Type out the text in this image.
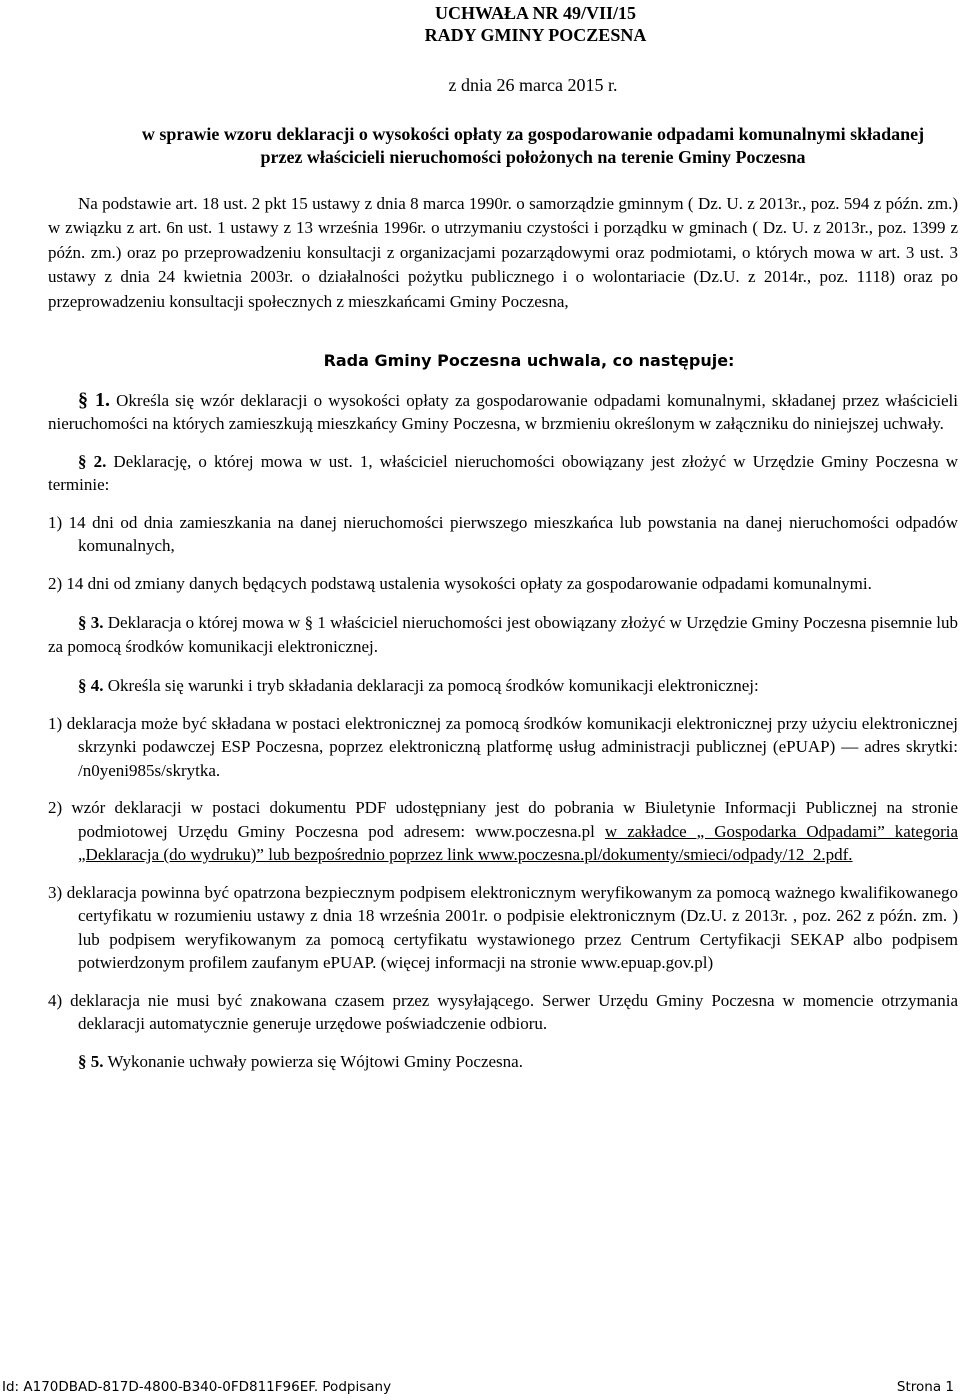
UCHWAŁA NR 49/VII/15
RADY GMINY POCZESNA
z dnia 26 marca 2015 r.
w sprawie wzoru deklaracji o wysokości opłaty za gospodarowanie odpadami komunalnymi składanej
przez właścicieli nieruchomości położonych na terenie Gminy Poczesna

Na podstawie art. 18 ust. 2 pkt 15 ustawy z dnia 8 marca 1990r. o samorządzie gminnym ( Dz. U. z 2013r., poz. 594 z późn. zm.) w związku z art. 6n ust. 1 ustawy z 13 września 1996r. o utrzymaniu czystości i porządku w gminach ( Dz. U. z 2013r., poz. 1399 z późn. zm.) oraz po przeprowadzeniu konsultacji z organizacjami pozarządowymi oraz podmiotami, o których mowa w art. 3 ust. 3 ustawy z dnia 24 kwietnia 2003r. o działalności pożytku publicznego i o wolontariacie (Dz.U. z 2014r., poz. 1118) oraz po przeprowadzeniu konsultacji społecznych z mieszkańcami Gminy Poczesna,

Rada Gminy Poczesna uchwala, co następuje:

§ 1. Określa się wzór deklaracji o wysokości opłaty za gospodarowanie odpadami komunalnymi, składanej przez właścicieli nieruchomości na których zamieszkują mieszkańcy Gminy Poczesna, w brzmieniu określonym w załączniku do niniejszej uchwały.

§ 2. Deklarację, o której mowa w ust. 1, właściciel nieruchomości obowiązany jest złożyć w Urzędzie Gminy Poczesna w terminie:

1) 14 dni od dnia zamieszkania na danej nieruchomości pierwszego mieszkańca lub powstania na danej nieruchomości odpadów komunalnych,
2) 14 dni od zmiany danych będących podstawą ustalenia wysokości opłaty za gospodarowanie odpadami komunalnymi.

§ 3. Deklaracja o której mowa w § 1 właściciel nieruchomości jest obowiązany złożyć w Urzędzie Gminy Poczesna pisemnie lub za pomocą środków komunikacji elektronicznej.

§ 4. Określa się warunki i tryb składania deklaracji za pomocą środków komunikacji elektronicznej:

1) deklaracja może być składana w postaci elektronicznej za pomocą środków komunikacji elektronicznej przy użyciu elektronicznej skrzynki podawczej ESP Poczesna, poprzez elektroniczną platformę usług administracji publicznej (ePUAP) — adres skrytki: /n0yeni985s/skrytka.
2) wzór deklaracji w postaci dokumentu PDF udostępniany jest do pobrania w Biuletynie Informacji Publicznej na stronie podmiotowej Urzędu Gminy Poczesna pod adresem: www.poczesna.pl w zakładce „ Gospodarka Odpadami” kategoria „Deklaracja (do wydruku)” lub bezpośrednio poprzez link www.poczesna.pl/dokumenty/smieci/odpady/12_2.pdf.
3) deklaracja powinna być opatrzona bezpiecznym podpisem elektronicznym weryfikowanym za pomocą ważnego kwalifikowanego certyfikatu w rozumieniu ustawy z dnia 18 września 2001r. o podpisie elektronicznym (Dz.U. z 2013r. , poz. 262 z późn. zm. ) lub podpisem weryfikowanym za pomocą certyfikatu wystawionego przez Centrum Certyfikacji SEKAP albo podpisem potwierdzonym profilem zaufanym ePUAP. (więcej informacji na stronie www.epuap.gov.pl)
4) deklaracja nie musi być znakowana czasem przez wysyłającego. Serwer Urzędu Gminy Poczesna w momencie otrzymania deklaracji automatycznie generuje urzędowe poświadczenie odbioru.

§ 5. Wykonanie uchwały powierza się Wójtowi Gminy Poczesna.

Id: A170DBAD-817D-4800-B340-0FD811F96EF. Podpisany	Strona 1
